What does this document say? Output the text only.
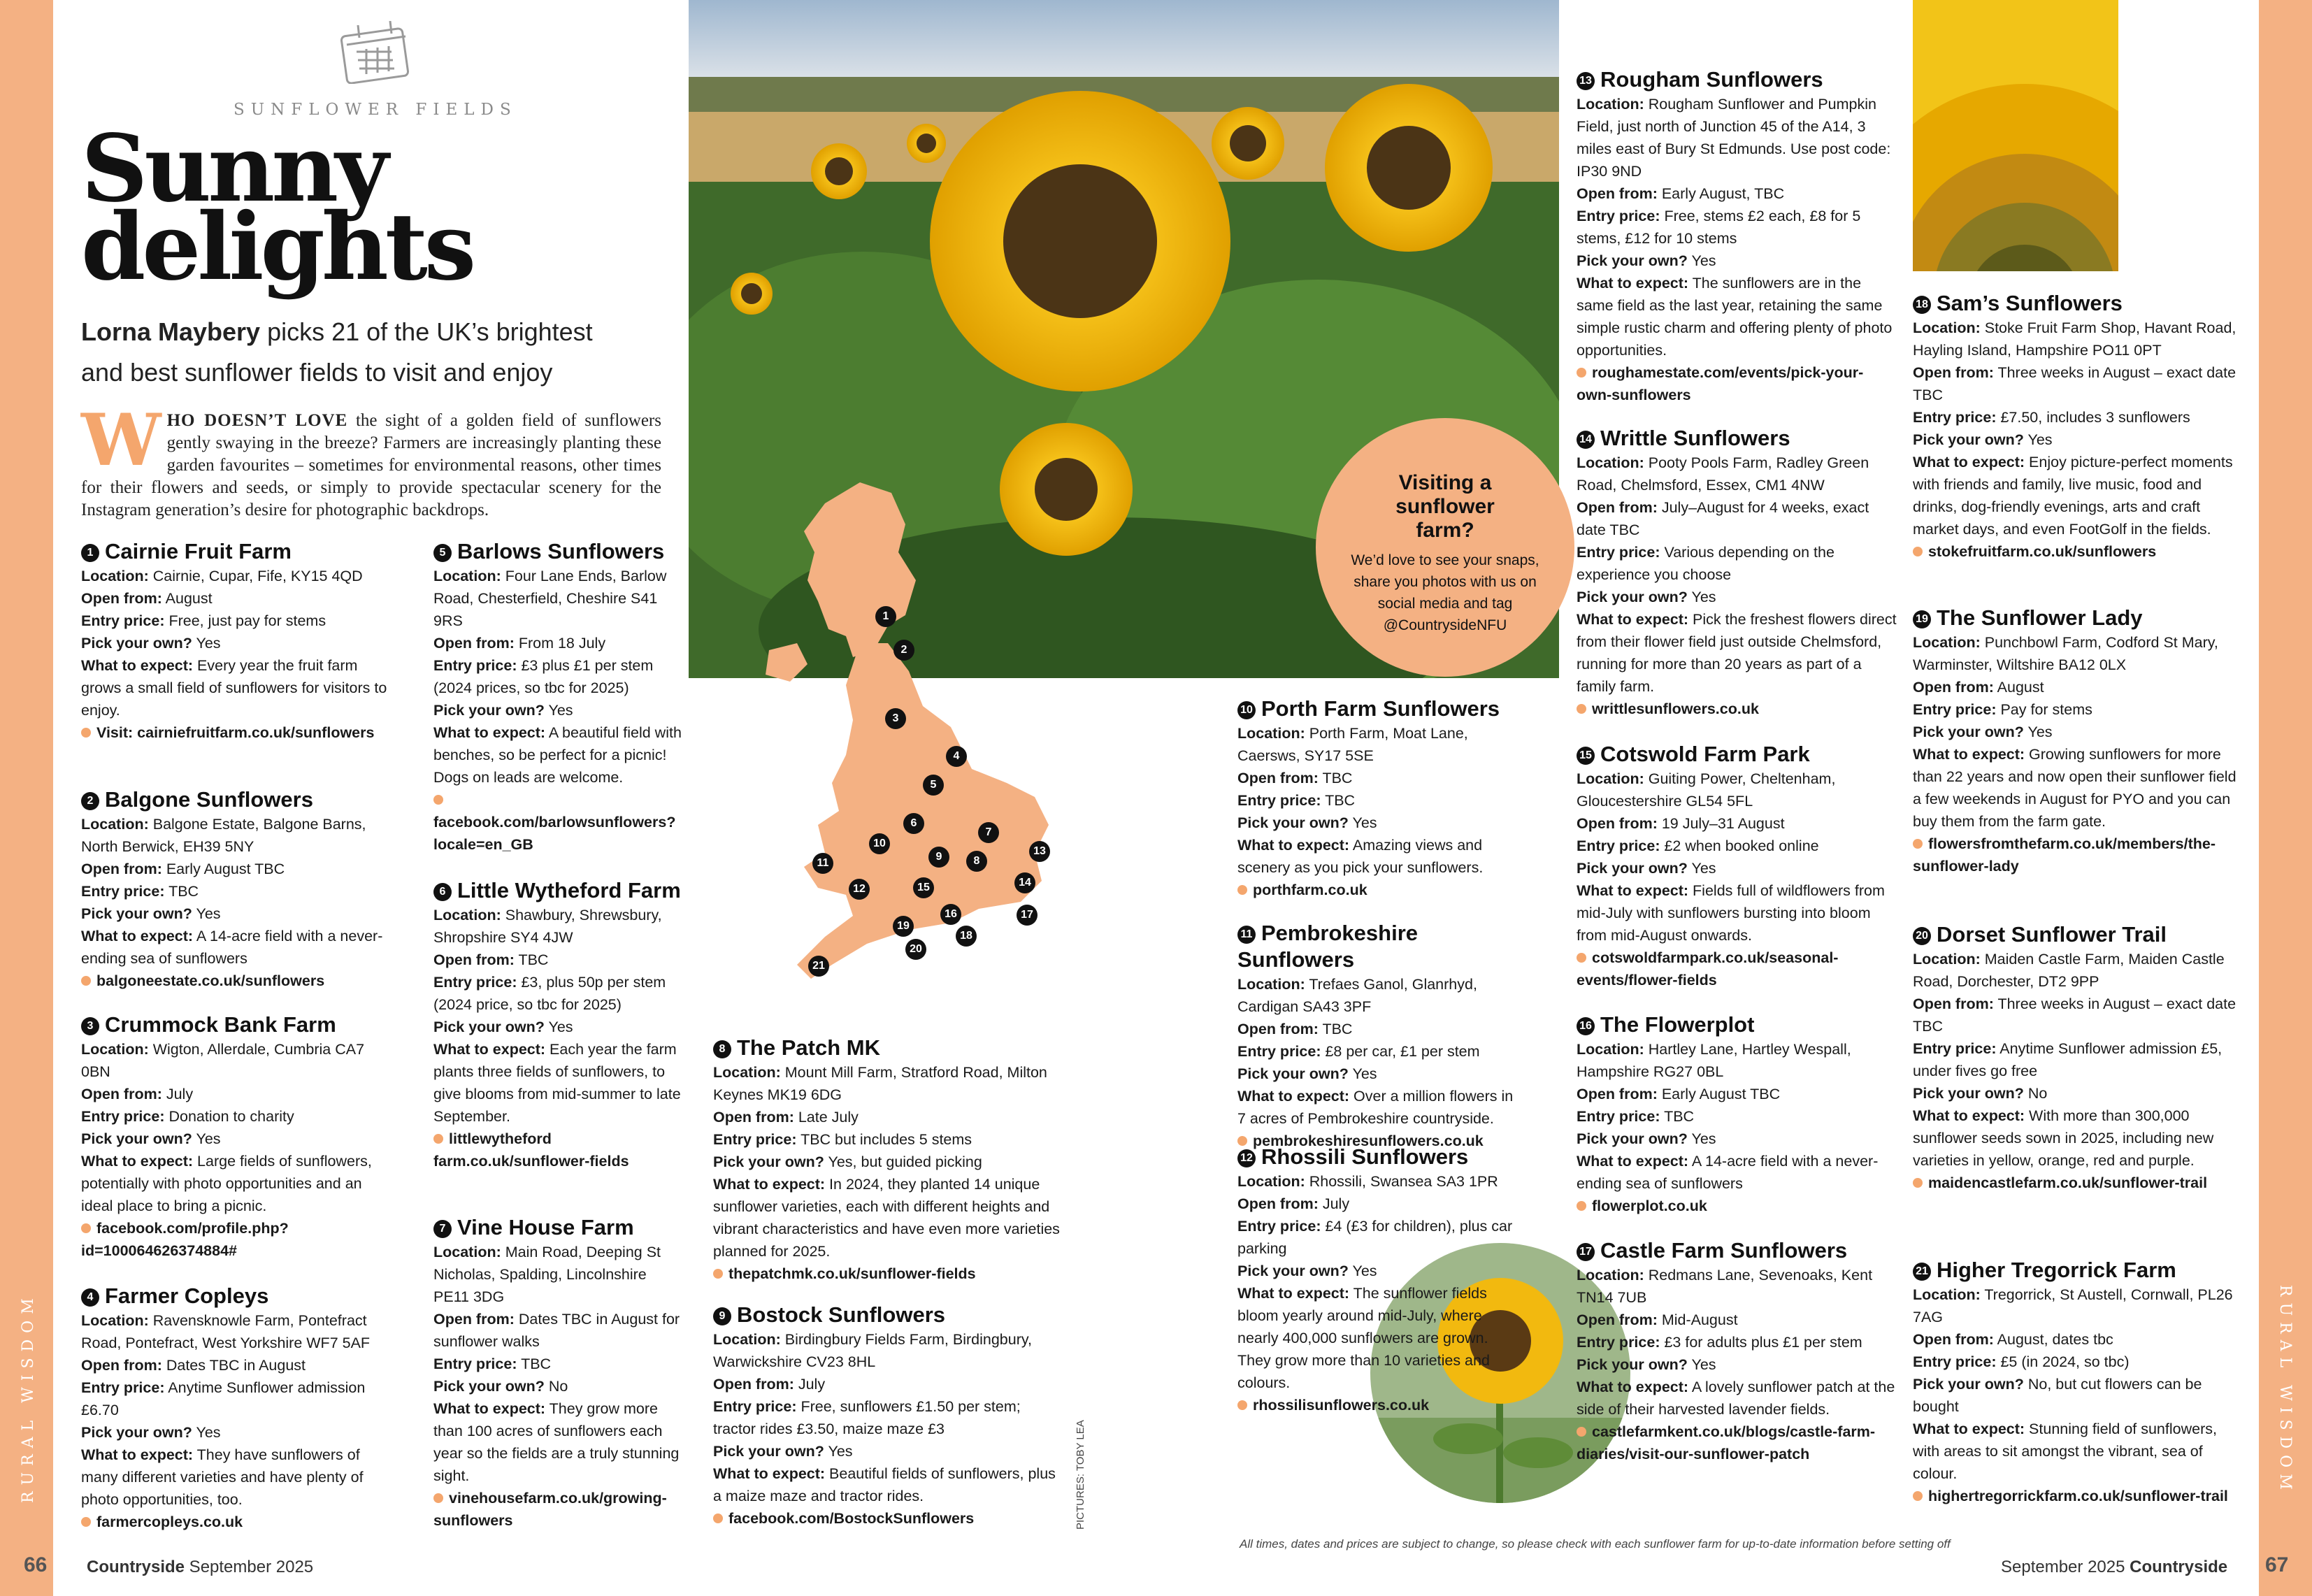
RURAL WISDOM	RURAL WISDOM
SUNFLOWER FIELDS
Sunny
delights
Lorna Maybery picks 21 of the UK’s brightest
and best sunflower fields to visit and enjoy
W HO DOESN’T LOVE the sight of a golden field of sunflowers gently swaying in the breeze? Farmers are increasingly planting these garden favourites – sometimes for environmental reasons, other times for their flowers and seeds, or simply to provide spectacular scenery for the Instagram generation’s desire for photographic backdrops.
Visiting a sunflower farm?
We’d love to see your snaps, share you photos with us on social media and tag @CountrysideNFU
1
2
3
4
5
6
7
8
9
10
11
12
13
14
15
16	17
18
19
20
21
1 Cairnie Fruit Farm
Location: Cairnie, Cupar, Fife, KY15 4QD
Open from: August
Entry price: Free, just pay for stems
Pick your own? Yes
What to expect: Every year the fruit farm grows a small field of sunflowers for visitors to enjoy.
Visit: cairniefruitfarm.co.uk/sunflowers
2 Balgone Sunflowers
Location: Balgone Estate, Balgone Barns, North Berwick, EH39 5NY
Open from: Early August TBC
Entry price: TBC
Pick your own? Yes
What to expect: A 14-acre field with a never-ending sea of sunflowers
balgoneestate.co.uk/sunflowers
3 Crummock Bank Farm
Location: Wigton, Allerdale, Cumbria CA7 0BN
Open from: July
Entry price: Donation to charity
Pick your own? Yes
What to expect: Large fields of sunflowers, potentially with photo opportunities and an ideal place to bring a picnic.
facebook.com/profile.php?id=100064626374884#
4 Farmer Copleys
Location: Ravensknowle Farm, Pontefract Road, Pontefract, West Yorkshire WF7 5AF
Open from: Dates TBC in August
Entry price: Anytime Sunflower admission £6.70
Pick your own? Yes
What to expect: They have sunflowers of many different varieties and have plenty of photo opportunities, too.
farmercopleys.co.uk
5 Barlows Sunflowers
Location: Four Lane Ends, Barlow Road, Chesterfield, Cheshire S41 9RS
Open from: From 18 July
Entry price: £3 plus £1 per stem (2024 prices, so tbc for 2025)
Pick your own? Yes
What to expect: A beautiful field with benches, so be perfect for a picnic! Dogs on leads are welcome.
facebook.com/barlowsunflowers?locale=en_GB
6 Little Wytheford Farm
Location: Shawbury, Shrewsbury, Shropshire SY4 4JW
Open from: TBC
Entry price: £3, plus 50p per stem (2024 price, so tbc for 2025)
Pick your own? Yes
What to expect: Each year the farm plants three fields of sunflowers, to give blooms from mid-summer to late September.
littlewytheford farm.co.uk/sunflower-fields
7 Vine House Farm
Location: Main Road, Deeping St Nicholas, Spalding, Lincolnshire PE11 3DG
Open from: Dates TBC in August for sunflower walks
Entry price: TBC
Pick your own? No
What to expect: They grow more than 100 acres of sunflowers each year so the fields are a truly stunning sight.
vinehousefarm.co.uk/growing-sunflowers
8 The Patch MK
Location: Mount Mill Farm, Stratford Road, Milton Keynes MK19 6DG
Open from: Late July
Entry price: TBC but includes 5 stems
Pick your own? Yes, but guided picking
What to expect: In 2024, they planted 14 unique sunflower varieties, each with different heights and vibrant characteristics and have even more varieties planned for 2025.
thepatchmk.co.uk/sunflower-fields
9 Bostock Sunflowers
Location: Birdingbury Fields Farm, Birdingbury, Warwickshire CV23 8HL
Open from: July
Entry price: Free, sunflowers £1.50 per stem; tractor rides £3.50, maize maze £3
Pick your own? Yes
What to expect: Beautiful fields of sunflowers, plus a maize maze and tractor rides.
facebook.com/BostockSunflowers
10 Porth Farm Sunflowers
Location: Porth Farm, Moat Lane, Caersws, SY17 5SE
Open from: TBC
Entry price: TBC
Pick your own? Yes
What to expect: Amazing views and scenery as you pick your sunflowers.
porthfarm.co.uk
11 Pembrokeshire Sunflowers
Location: Trefaes Ganol, Glanrhyd, Cardigan SA43 3PF
Open from: TBC
Entry price: £8 per car, £1 per stem
Pick your own? Yes
What to expect: Over a million flowers in 7 acres of Pembrokeshire countryside.
pembrokeshiresunflowers.co.uk
12 Rhossili Sunflowers
Location: Rhossili, Swansea SA3 1PR
Open from: July
Entry price: £4 (£3 for children), plus car parking
Pick your own? Yes
What to expect: The sunflower fields bloom yearly around mid-July, where nearly 400,000 sunflowers are grown. They grow more than 10 varieties and colours.
rhossilisunflowers.co.uk
13 Rougham Sunflowers
Location: Rougham Sunflower and Pumpkin Field, just north of Junction 45 of the A14, 3 miles east of Bury St Edmunds. Use post code: IP30 9ND
Open from: Early August, TBC
Entry price: Free, stems £2 each, £8 for 5 stems, £12 for 10 stems
Pick your own? Yes
What to expect: The sunflowers are in the same field as the last year, retaining the same simple rustic charm and offering plenty of photo opportunities.
roughamestate.com/events/pick-your-own-sunflowers
14 Writtle Sunflowers
Location: Pooty Pools Farm, Radley Green Road, Chelmsford, Essex, CM1 4NW
Open from: July–August for 4 weeks, exact date TBC
Entry price: Various depending on the experience you choose
Pick your own? Yes
What to expect: Pick the freshest flowers direct from their flower field just outside Chelmsford, running for more than 20 years as part of a family farm.
writtlesunflowers.co.uk
15 Cotswold Farm Park
Location: Guiting Power, Cheltenham, Gloucestershire GL54 5FL
Open from: 19 July–31 August
Entry price: £2 when booked online
Pick your own? Yes
What to expect: Fields full of wildflowers from mid-July with sunflowers bursting into bloom from mid-August onwards.
cotswoldfarmpark.co.uk/seasonal-events/flower-fields
16 The Flowerplot
Location: Hartley Lane, Hartley Wespall, Hampshire RG27 0BL
Open from: Early August TBC
Entry price: TBC
Pick your own? Yes
What to expect: A 14-acre field with a never-ending sea of sunflowers
flowerplot.co.uk
17 Castle Farm Sunflowers
Location: Redmans Lane, Sevenoaks, Kent TN14 7UB
Open from: Mid-August
Entry price: £3 for adults plus £1 per stem
Pick your own? Yes
What to expect: A lovely sunflower patch at the side of their harvested lavender fields.
castlefarmkent.co.uk/blogs/castle-farm-diaries/visit-our-sunflower-patch
18 Sam’s Sunflowers
Location: Stoke Fruit Farm Shop, Havant Road, Hayling Island, Hampshire PO11 0PT
Open from: Three weeks in August – exact date TBC
Entry price: £7.50, includes 3 sunflowers
Pick your own? Yes
What to expect: Enjoy picture-perfect moments with friends and family, live music, food and drinks, dog-friendly evenings, arts and craft market days, and even FootGolf in the fields.
stokefruitfarm.co.uk/sunflowers
19 The Sunflower Lady
Location: Punchbowl Farm, Codford St Mary, Warminster, Wiltshire BA12 0LX
Open from: August
Entry price: Pay for stems
Pick your own? Yes
What to expect: Growing sunflowers for more than 22 years and now open their sunflower field a few weekends in August for PYO and you can buy them from the farm gate.
flowersfromthefarm.co.uk/members/the-sunflower-lady
20 Dorset Sunflower Trail
Location: Maiden Castle Farm, Maiden Castle Road, Dorchester, DT2 9PP
Open from: Three weeks in August – exact date TBC
Entry price: Anytime Sunflower admission £5, under fives go free
Pick your own? No
What to expect: With more than 300,000 sunflower seeds sown in 2025, including new varieties in yellow, orange, red and purple.
maidencastlefarm.co.uk/sunflower-trail
21 Higher Tregorrick Farm
Location: Tregorrick, St Austell, Cornwall, PL26 7AG
Open from: August, dates tbc
Entry price: £5 (in 2024, so tbc)
Pick your own? No, but cut flowers can be bought
What to expect: Stunning field of sunflowers, with areas to sit amongst the vibrant, sea of colour.
highertregorrickfarm.co.uk/sunflower-trail
PICTURES: TOBY LEA
All times, dates and prices are subject to change, so please check with each sunflower farm for up-to-date information before setting off
66 Countryside September 2025	September 2025 Countryside 67
